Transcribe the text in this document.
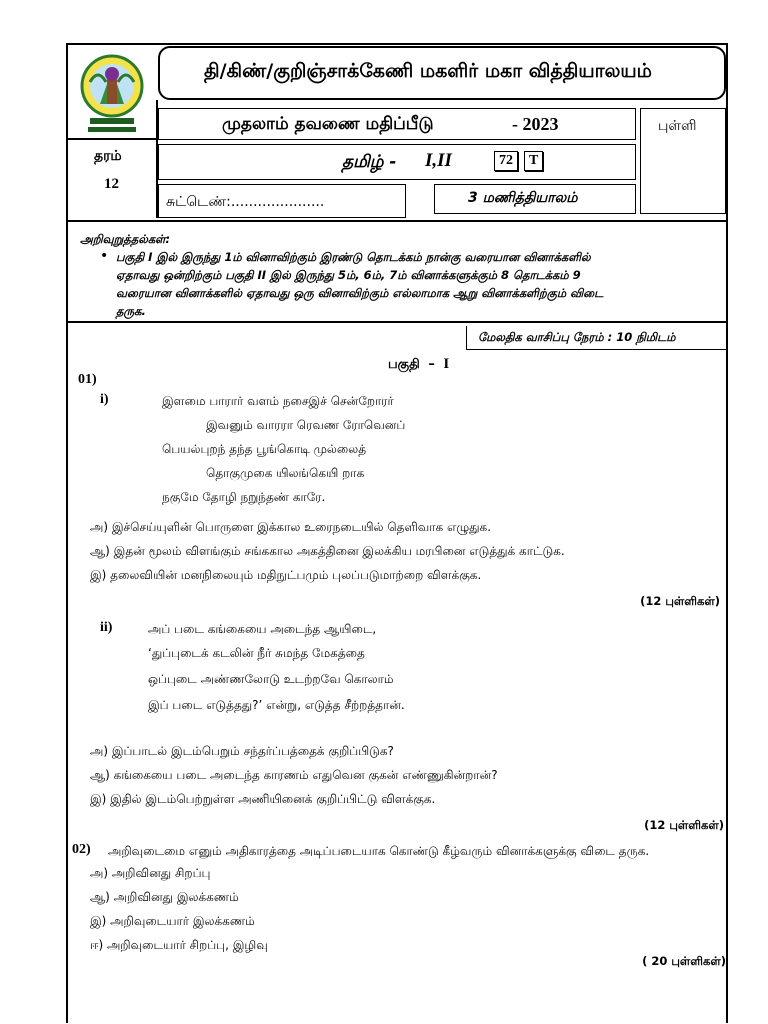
தி/கிண்/குறிஞ்சாக்கேணி மகளிர் மகா வித்தியாலயம்
முதலாம் தவணை மதிப்பீடு	- 2023	புள்ளி
தரம்
12
தமிழ் - I,II	72 T
சுட்டெண்:.....................	3 மணித்தியாலம்
அறிவுறுத்தல்கள்:
• பகுதி I இல் இருந்து 1ம் வினாவிற்கும் இரண்டு தொடக்கம் நான்கு வரையான வினாக்களில்
ஏதாவது ஒன்றிற்கும் பகுதி II இல் இருந்து 5ம், 6ம், 7ம் வினாக்களுக்கும் 8 தொடக்கம் 9
வரையான வினாக்களில் ஏதாவது ஒரு வினாவிற்கும் எல்லாமாக ஆறு வினாக்களிற்கும் விடை
தருக.
மேலதிக வாசிப்பு நேரம் : 10 நிமிடம்
பகுதி – I
01)
i)	இளமை பாரார் வளம் நசைஇச் சென்றோரர்
இவனும் வாரரா ரெவண ரோவெனப்
பெயல்புறந் தந்த பூங்கொடி முல்லைத்
தொகுமுகை யிலங்கெயி றாக
நகுமே தோழி நறுந்தண் காரே.
அ) இச்செய்யுளின் பொருளை இக்கால உரைநடையில் தெளிவாக எழுதுக.
ஆ) இதன் மூலம் விளங்கும் சங்ககால அகத்தினை இலக்கிய மரபினை எடுத்துக் காட்டுக.
இ) தலைவியின் மனநிலையும் மதிநுட்பமும் புலப்படுமாற்றை விளக்குக.
(12 புள்ளிகள்)
ii)	அப் படை கங்கையை அடைந்த ஆயிடை,
‘துப்புடைக் கடலின் நீர் சுமந்த மேகத்தை
ஒப்புடை அண்ணலோடு உடற்றவே கொலாம்
இப் படை எடுத்தது?’ என்று, எடுத்த சீற்றத்தான்.
அ) இப்பாடல் இடம்பெறும் சந்தர்ப்பத்தைக் குறிப்பிடுக?
ஆ) கங்கையை படை அடைந்த காரணம் எதுவென குகன் எண்ணுகின்றான்?
இ) இதில் இடம்பெற்றுள்ள அணியினைக் குறிப்பிட்டு விளக்குக.
(12 புள்ளிகள்)
02) அறிவுடைமை எனும் அதிகாரத்தை அடிப்படையாக கொண்டு கீழ்வரும் வினாக்களுக்கு விடை தருக.
அ) அறிவினது சிறப்பு
ஆ) அறிவினது இலக்கணம்
இ) அறிவுடையார் இலக்கணம்
ஈ) அறிவுடையார் சிறப்பு, இழிவு
( 20 புள்ளிகள்)
